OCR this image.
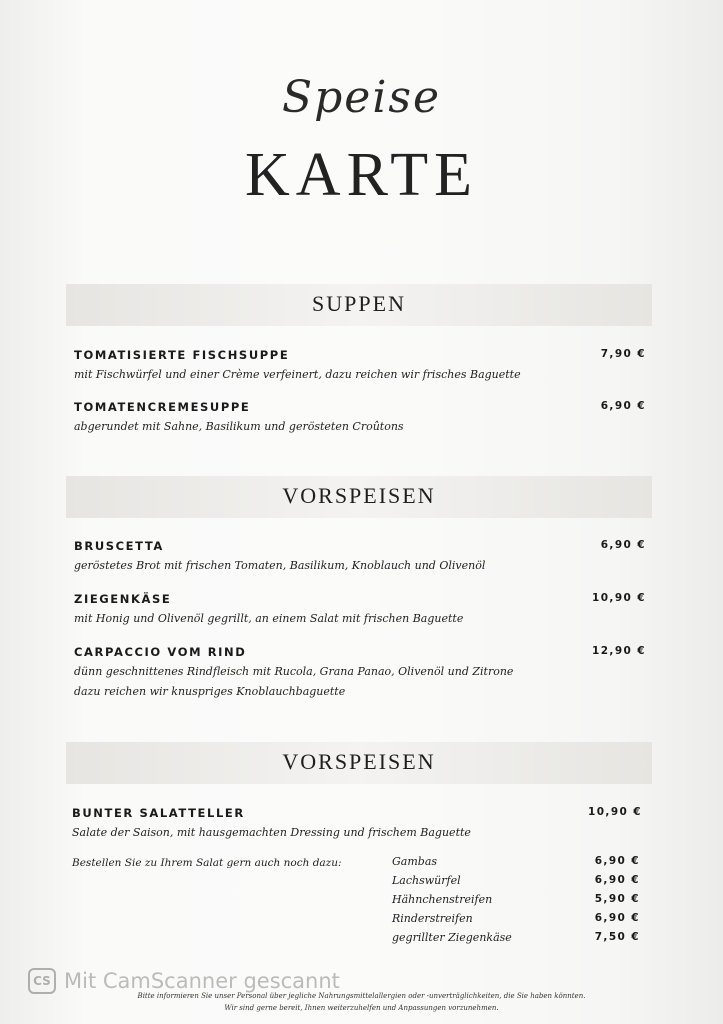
Speise
KARTE
SUPPEN
TOMATISIERTE FISCHSUPPE	7,90 €
mit Fischwürfel und einer Crème verfeinert, dazu reichen wir frisches Baguette
TOMATENCREMESUPPE	6,90 €
abgerundet mit Sahne, Basilikum und gerösteten Croûtons
VORSPEISEN
BRUSCETTA	6,90 €
geröstetes Brot mit frischen Tomaten, Basilikum, Knoblauch und Olivenöl
ZIEGENKÄSE	10,90 €
mit Honig und Olivenöl gegrillt, an einem Salat mit frischen Baguette
CARPACCIO VOM RIND	12,90 €
dünn geschnittenes Rindfleisch mit Rucola, Grana Panao, Olivenöl und Zitrone
dazu reichen wir knuspriges Knoblauchbaguette
VORSPEISEN
BUNTER SALATTELLER	10,90 €
Salate der Saison, mit hausgemachten Dressing und frischem Baguette
Bestellen Sie zu Ihrem Salat gern auch noch dazu:	Gambas	6,90 €
Lachswürfel	6,90 €
Hähnchenstreifen	5,90 €
Rinderstreifen	6,90 €
gegrillter Ziegenkäse	7,50 €
CS Mit CamScanner gescannt
Bitte informieren Sie unser Personal über jegliche Nahrungsmittelallergien oder -unverträglichkeiten, die Sie haben könnten.
Wir sind gerne bereit, Ihnen weiterzuhelfen und Anpassungen vorzunehmen.
